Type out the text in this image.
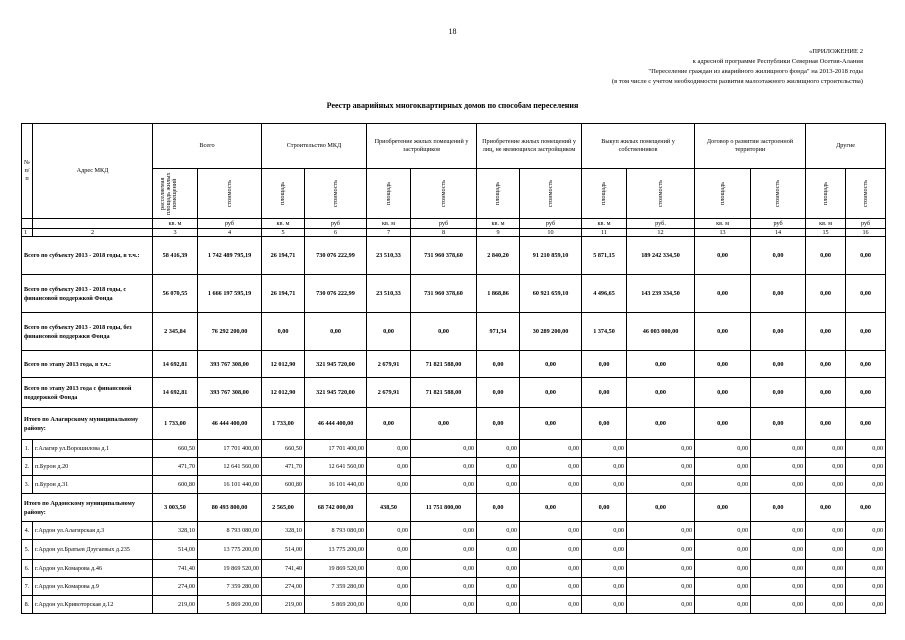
18
«ПРИЛОЖЕНИЕ 2
к адресной программе Республики Северная Осетия-Алания
"Переселение граждан из аварийного жилищного фонда" на 2013-2018 годы
(в том числе с учетом необходимости развития малоэтажного жилищного строительства)
Реестр аварийных многоквартирных домов по способам переселения
№ п/п	Адрес МКД	Всего		Строительство МКД		Приобретение жилых помещений у застройщиков		Приобретение жилых помещений у лиц, не являющихся застройщиком		Выкуп жилых помещений у собственников		Договор о развитии застроенной территории		Другие	

		расселяемая площадь жилых помещений	стоимость	площадь	стоимость	площадь	стоимость	площадь	стоимость	площадь	стоимость	площадь	стоимость	площадь	стоимость

		кв. м	руб	кв. м	руб	кв. м	руб	кв. м	руб	кв. м	руб.	кв. м	руб	кв. м	руб
1	2	3	4	5	6	7	8	9	10	11	12	13	14	15	16
Всего по субъекту 2013 - 2018 годы, в т.ч.:		58 416,39	1 742 489 795,19	26 194,71	730 076 222,99	23 510,33	731 960 378,60	2 840,20	91 210 859,10	5 871,15	189 242 334,50	0,00	0,00	0,00	0,00
Всего по субъекту 2013 - 2018 годы, с финансовой поддержкой Фонда		56 070,55	1 666 197 595,19	26 194,71	730 076 222,99	23 510,33	731 960 378,60	1 868,86	60 921 659,10	4 496,65	143 239 334,50	0,00	0,00	0,00	0,00
Всего по субъекту 2013 - 2018 годы, без финансовой поддержки Фонда		2 345,84	76 292 200,00	0,00	0,00	0,00	0,00	971,34	30 289 200,00	1 374,50	46 003 000,00	0,00	0,00	0,00	0,00
Всего по этапу 2013 года, в т.ч.:		14 692,81	393 767 308,00	12 012,90	321 945 720,00	2 679,91	71 821 588,00	0,00	0,00	0,00	0,00	0,00	0,00	0,00	0,00
Всего по этапу 2013 года с финансовой поддержкой Фонда		14 692,81	393 767 308,00	12 012,90	321 945 720,00	2 679,91	71 821 588,00	0,00	0,00	0,00	0,00	0,00	0,00	0,00	0,00
Итого по Алагирскому муниципальному району:		1 733,00	46 444 400,00	1 733,00	46 444 400,00	0,00	0,00	0,00	0,00	0,00	0,00	0,00	0,00	0,00	0,00
1.	г.Алагир ул.Ворошилова д.1	660,50	17 701 400,00	660,50	17 701 400,00	0,00	0,00	0,00	0,00	0,00	0,00	0,00	0,00	0,00	0,00
2.	п.Бурон д.20	471,70	12 641 560,00	471,70	12 641 560,00	0,00	0,00	0,00	0,00	0,00	0,00	0,00	0,00	0,00	0,00
3.	п.Бурон д.31	600,80	16 101 440,00	600,80	16 101 440,00	0,00	0,00	0,00	0,00	0,00	0,00	0,00	0,00	0,00	0,00
Итого по Ардонскому муниципальному району:		3 003,50	80 493 800,00	2 565,00	68 742 000,00	438,50	11 751 800,00	0,00	0,00	0,00	0,00	0,00	0,00	0,00	0,00
4.	г.Ардон ул.Алагирская д.3	328,10	8 793 080,00	328,10	8 793 080,00	0,00	0,00	0,00	0,00	0,00	0,00	0,00	0,00	0,00	0,00
5.	г.Ардон ул.Братьев Дзугаевых д.235	514,00	13 775 200,00	514,00	13 775 200,00	0,00	0,00	0,00	0,00	0,00	0,00	0,00	0,00	0,00	0,00
6.	г.Ардон ул.Комарова д.46	741,40	19 869 520,00	741,40	19 869 520,00	0,00	0,00	0,00	0,00	0,00	0,00	0,00	0,00	0,00	0,00
7.	г.Ардон ул.Комарова д.9	274,00	7 359 280,00	274,00	7 359 280,00	0,00	0,00	0,00	0,00	0,00	0,00	0,00	0,00	0,00	0,00
8.	г.Ардон ул.Кривоторская д.12	219,00	5 869 200,00	219,00	5 869 200,00	0,00	0,00	0,00	0,00	0,00	0,00	0,00	0,00	0,00	0,00
